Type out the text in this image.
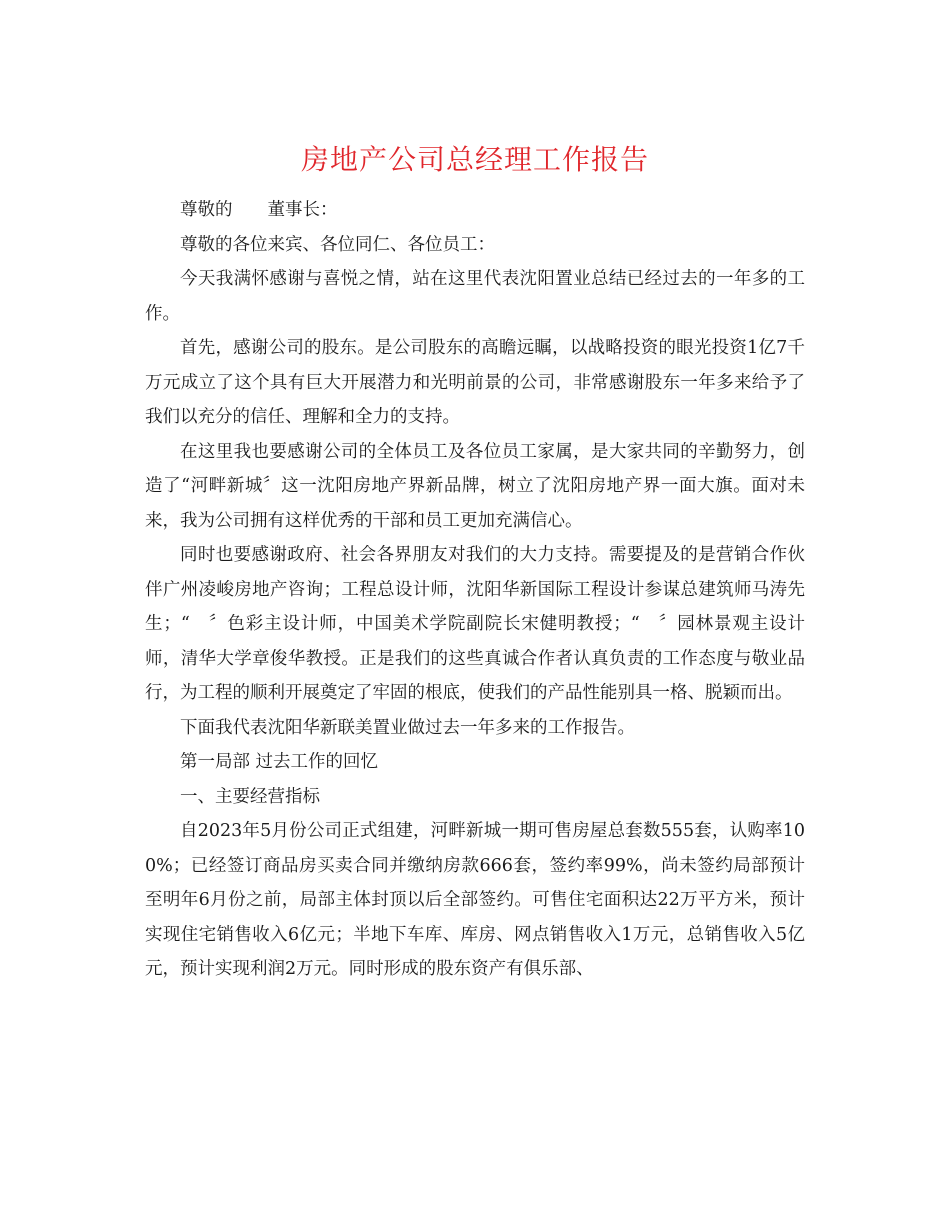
房地产公司总经理工作报告

尊敬的　　董事长：

尊敬的各位来宾、各位同仁、各位员工：

今天我满怀感谢与喜悦之情，站在这里代表沈阳置业总结已经过去的一年多的工作。

首先，感谢公司的股东。是公司股东的高瞻远瞩，以战略投资的眼光投资1亿7千万元成立了这个具有巨大开展潜力和光明前景的公司，非常感谢股东一年多来给予了我们以充分的信任、理解和全力的支持。

在这里我也要感谢公司的全体员工及各位员工家属，是大家共同的辛勤努力，创造了“河畔新城〞这一沈阳房地产界新品牌，树立了沈阳房地产界一面大旗。面对未来，我为公司拥有这样优秀的干部和员工更加充满信心。

同时也要感谢政府、社会各界朋友对我们的大力支持。需要提及的是营销合作伙伴广州凌峻房地产咨询；工程总设计师，沈阳华新国际工程设计参谋总建筑师马涛先生；“　〞色彩主设计师，中国美术学院副院长宋健明教授；“　〞园林景观主设计师，清华大学章俊华教授。正是我们的这些真诚合作者认真负责的工作态度与敬业品行，为工程的顺利开展奠定了牢固的根底，使我们的产品性能别具一格、脱颖而出。

下面我代表沈阳华新联美置业做过去一年多来的工作报告。

第一局部 过去工作的回忆

一、主要经营指标

自2023年5月份公司正式组建，河畔新城一期可售房屋总套数555套，认购率100%；已经签订商品房买卖合同并缴纳房款666套，签约率99%，尚未签约局部预计至明年6月份之前，局部主体封顶以后全部签约。可售住宅面积达22万平方米，预计实现住宅销售收入6亿元；半地下车库、库房、网点销售收入1万元，总销售收入5亿元，预计实现利润2万元。同时形成的股东资产有俱乐部、
